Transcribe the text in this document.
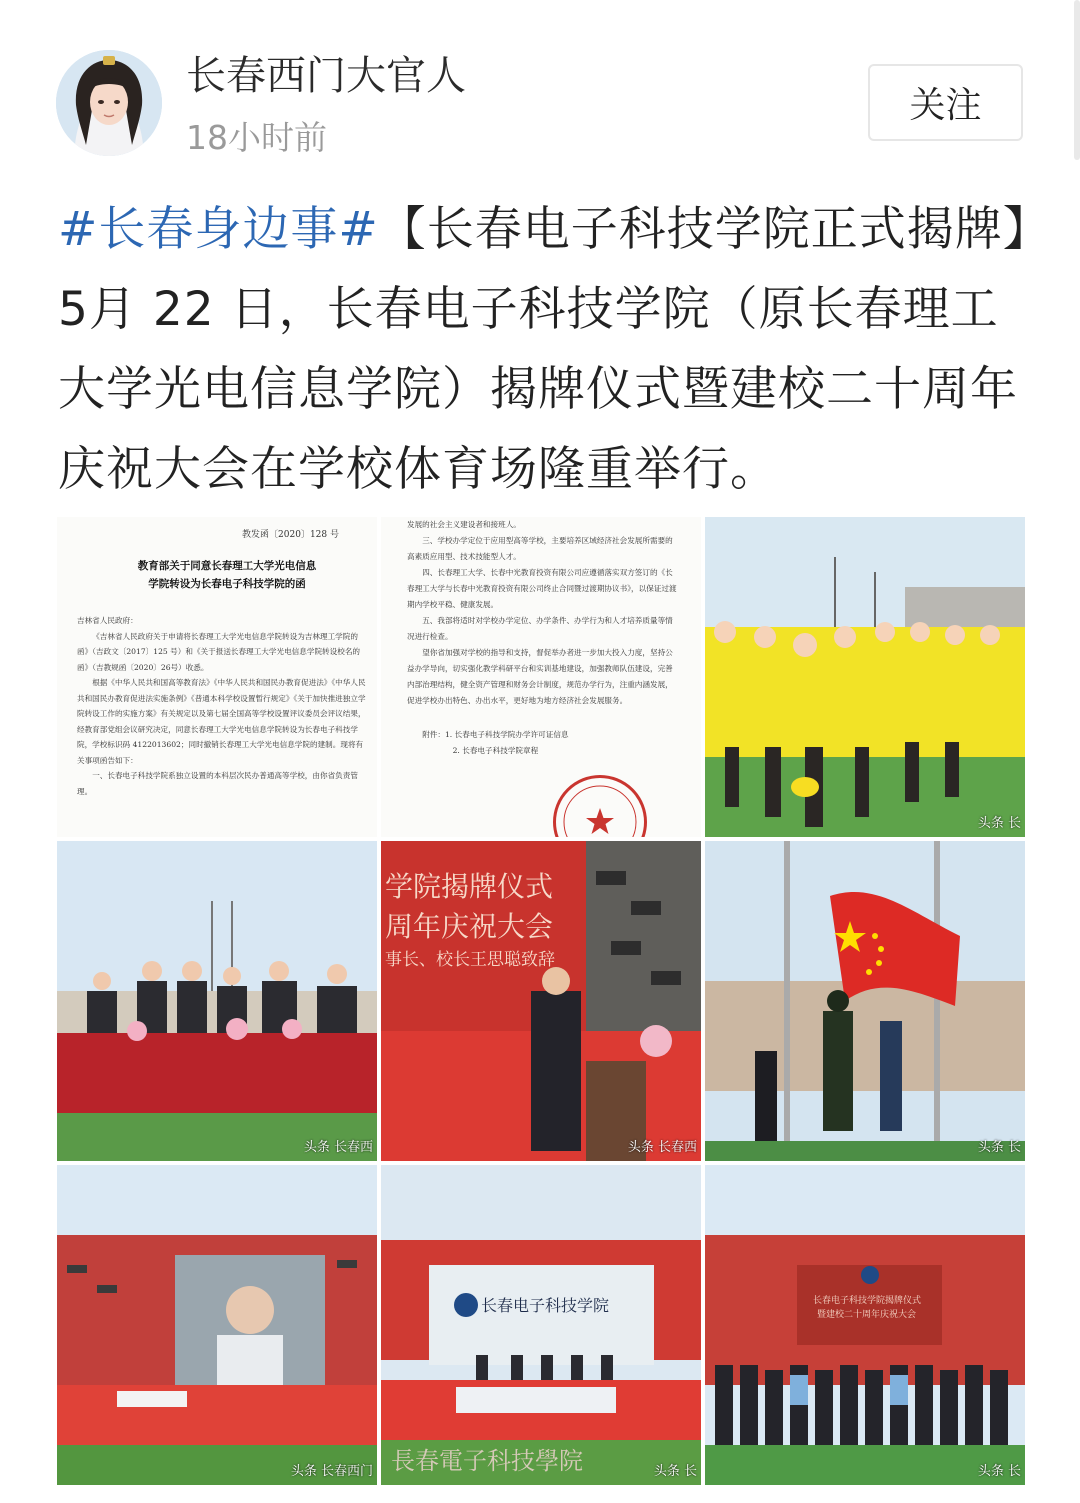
长春西门大官人
18小时前
关注
#长春身边事#【长春电子科技学院正式揭牌】5月 22 日，长春电子科技学院（原长春理工大学光电信息学院）揭牌仪式暨建校二十周年庆祝大会在学校体育场隆重举行。
教发函〔2020〕128 号
教育部关于同意长春理工大学光电信息
学院转设为长春电子科技学院的函
吉林省人民政府：
《吉林省人民政府关于申请将长春理工大学光电信息学院转设为吉林理工学院的函》（吉政文〔2017〕125 号）和《关于报送长春理工大学光电信息学院转设校名的函》（吉教规函〔2020〕26号）收悉。
根据《中华人民共和国高等教育法》《中华人民共和国民办教育促进法》《中华人民共和国民办教育促进法实施条例》《普通本科学校设置暂行规定》《关于加快推进独立学院转设工作的实施方案》有关规定以及第七届全国高等学校设置评议委员会评议结果，经教育部党组会议研究决定，同意长春理工大学光电信息学院转设为长春电子科技学院，学校标识码 4122013602；同时撤销长春理工大学光电信息学院的建制。现将有关事项函告如下：
一、长春电子科技学院系独立设置的本科层次民办普通高等学校，由你省负责管理。
发展的社会主义建设者和接班人。
三、学校办学定位于应用型高等学校，主要培养区域经济社会发展所需要的高素质应用型、技术技能型人才。
四、长春理工大学、长春中光教育投资有限公司应遵循落实双方签订的《长春理工大学与长春中光教育投资有限公司终止合同暨过渡期协议书》，以保证过渡期内学校平稳、健康发展。
五、我部将适时对学校办学定位、办学条件、办学行为和人才培养质量等情况进行检查。
望你省加强对学校的指导和支持，督促举办者进一步加大投入力度，坚持公益办学导向，切实强化教学科研平台和实训基地建设，加强教师队伍建设，完善内部治理结构，健全资产管理和财务会计制度，规范办学行为，注重内涵发展，促进学校办出特色、办出水平，更好地为地方经济社会发展服务。
附件：1. 长春电子科技学院办学许可证信息
2. 长春电子科技学院章程
头条 长
头条 长春西
学院揭牌仪式
周年庆祝大会
事长、校长王思聪致辞
头条 长春西	头条 长
头条 长春西门
长春电子科技学院
長春電子科技學院	头条 长
长春电子科技学院揭牌仪式
暨建校二十周年庆祝大会
头条 长
